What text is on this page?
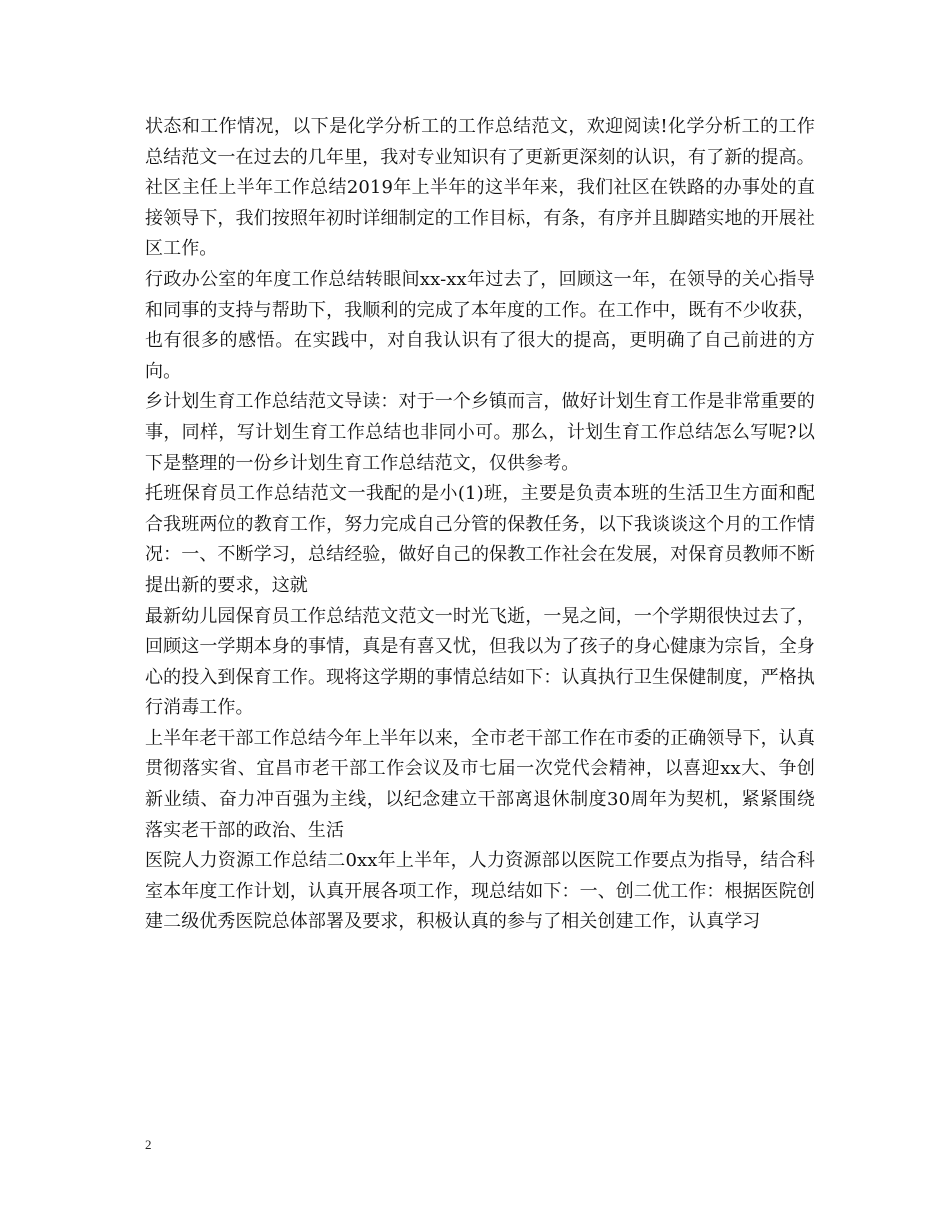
状态和工作情况，以下是化学分析工的工作总结范文，欢迎阅读!化学分析工的工作总结范文一在过去的几年里，我对专业知识有了更新更深刻的认识，有了新的提高。

社区主任上半年工作总结2019年上半年的这半年来，我们社区在铁路的办事处的直接领导下，我们按照年初时详细制定的工作目标，有条，有序并且脚踏实地的开展社区工作。

行政办公室的年度工作总结转眼间xx-xx年过去了，回顾这一年，在领导的关心指导和同事的支持与帮助下，我顺利的完成了本年度的工作。在工作中，既有不少收获，也有很多的感悟。在实践中，对自我认识有了很大的提高，更明确了自己前进的方向。

乡计划生育工作总结范文导读：对于一个乡镇而言，做好计划生育工作是非常重要的事，同样，写计划生育工作总结也非同小可。那么，计划生育工作总结怎么写呢?以下是整理的一份乡计划生育工作总结范文，仅供参考。

托班保育员工作总结范文一我配的是小(1)班，主要是负责本班的生活卫生方面和配合我班两位的教育工作，努力完成自己分管的保教任务，以下我谈谈这个月的工作情况：一、不断学习，总结经验，做好自己的保教工作社会在发展，对保育员教师不断提出新的要求，这就

最新幼儿园保育员工作总结范文范文一时光飞逝，一晃之间，一个学期很快过去了，回顾这一学期本身的事情，真是有喜又忧，但我以为了孩子的身心健康为宗旨，全身心的投入到保育工作。现将这学期的事情总结如下：认真执行卫生保健制度，严格执行消毒工作。

上半年老干部工作总结今年上半年以来，全市老干部工作在市委的正确领导下，认真贯彻落实省、宜昌市老干部工作会议及市七届一次党代会精神，以喜迎xx大、争创新业绩、奋力冲百强为主线，以纪念建立干部离退休制度30周年为契机，紧紧围绕落实老干部的政治、生活

医院人力资源工作总结二0xx年上半年，人力资源部以医院工作要点为指导，结合科室本年度工作计划，认真开展各项工作，现总结如下：一、创二优工作：根据医院创建二级优秀医院总体部署及要求，积极认真的参与了相关创建工作，认真学习

2
